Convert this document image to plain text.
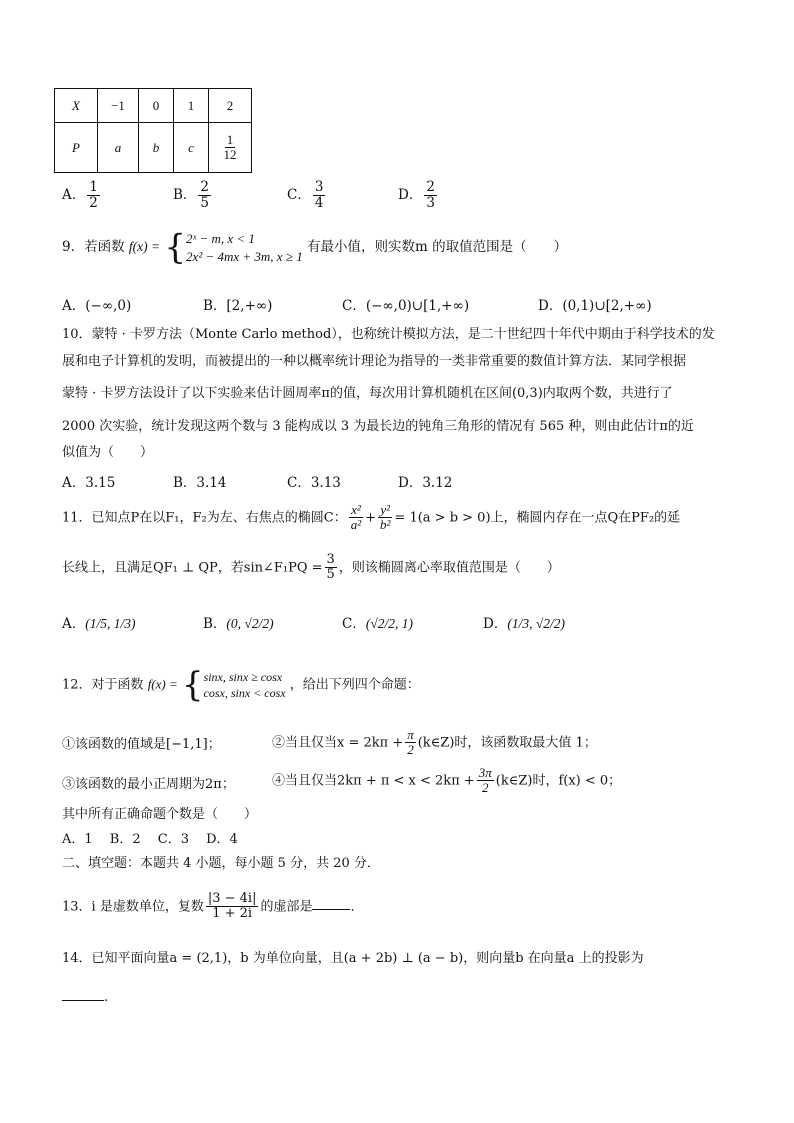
X	−1	0	1	2
P	a	b	c	$\frac{1}{12}$
A． $\frac{1}{2}$	B． $\frac{2}{5}$	C． $\frac{3}{4}$	D． $\frac{2}{3}$
9．若函数 f(x) = { 2ˣ − m, x < 1
2x² − 4mx + 3m, x ≥ 1
有最小值，则实数m 的取值范围是（　　）
A．(−∞,0)	B．[2,+∞)	C．(−∞,0)∪[1,+∞)	D．(0,1)∪[2,+∞)
10．蒙特 · 卡罗方法（Monte Carlo method），也称统计模拟方法，是二十世纪四十年代中期由于科学技术的发
展和电子计算机的发明，而被提出的一种以概率统计理论为指导的一类非常重要的数值计算方法．某同学根据
蒙特 · 卡罗方法设计了以下实验来估计圆周率π的值，每次用计算机随机在区间(0,3)内取两个数，共进行了
2000 次实验，统计发现这两个数与 3 能构成以 3 为最长边的钝角三角形的情况有 565 种，则由此估计π的近
似值为（　　）
A．3.15	B．3.14	C．3.13	D．3.12
11．已知点P在以F₁，F₂为左、右焦点的椭圆C： $\frac{\text{x²}}{\text{a²}} + \frac{\text{y²}}{\text{b²}} = 1(a > b > 0)$上，椭圆内存在一点Q在PF₂的延
长线上，且满足QF₁ ⊥ QP，若sin∠F₁PQ = $\frac{3}{5}$ ，则该椭圆离心率取值范围是（　　）
A．(1/5, 1/3)	B．(0, √2/2)	C．(√2/2, 1)	D．(1/3, √2/2)
12．对于函数 f(x) = { sinx, sinx ≥ cosx
cosx, sinx < cosx
，给出下列四个命题：
①该函数的值域是[−1,1]；	②当且仅当$x = 2k\pi + \frac{\pi}{2}$ (k∈Z)时，该函数取最大值 1；
③该函数的最小正周期为2π；	④当且仅当$2k\pi + \pi < x < 2k\pi + \frac{3\pi}{2}$ (k∈Z)时，f(x) < 0；
其中所有正确命题个数是（　　）
A．1　 B．2　 C．3　 D．4
二、填空题：本题共 4 小题，每小题 5 分，共 20 分．
13．i 是虚数单位，复数 $\frac{|3 - 4i|}{1 + 2i}$ 的虚部是	．
14．已知平面向量a = (2,1)，b 为单位向量，且(a + 2b) ⊥ (a − b)，则向量b 在向量a 上的投影为
．
